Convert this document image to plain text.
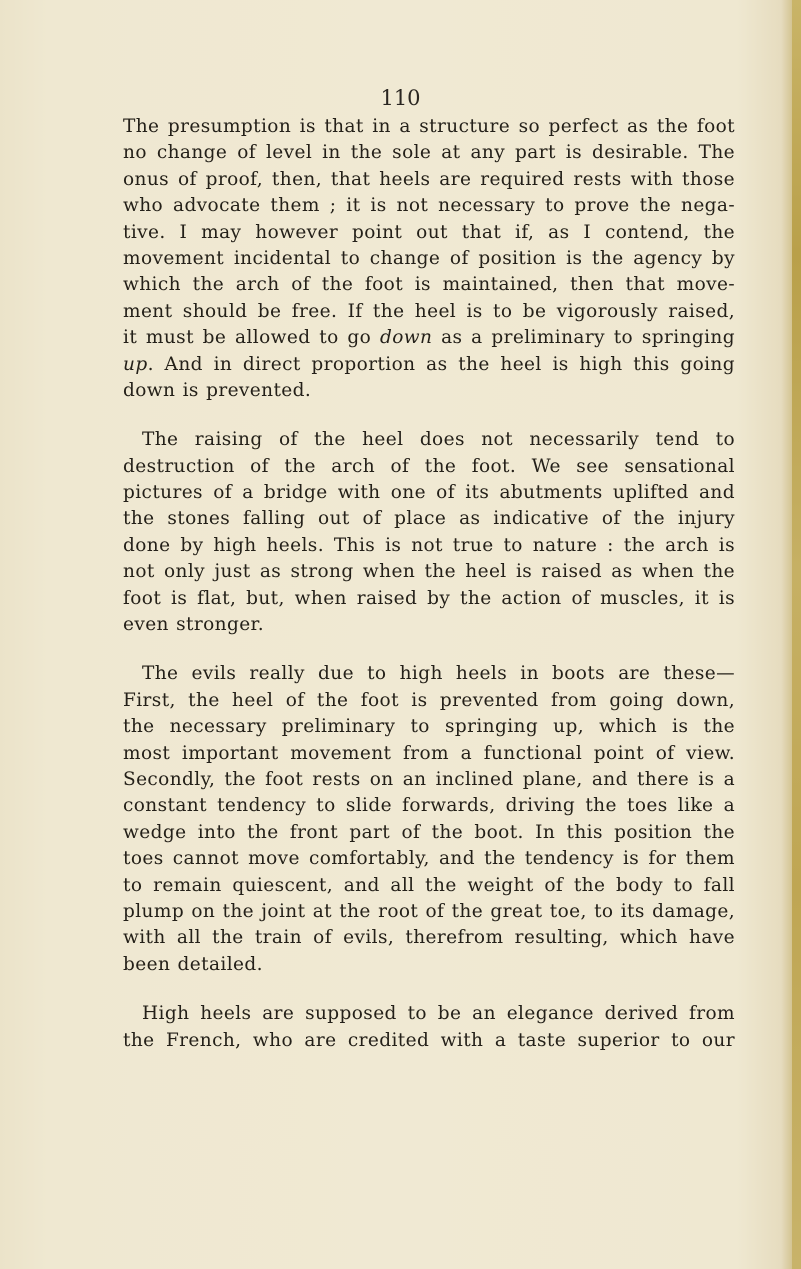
110
The presumption is that in a structure so perfect as the foot
no change of level in the sole at any part is desirable. The
onus of proof, then, that heels are required rests with those
who advocate them ; it is not necessary to prove the nega-
tive. I may however point out that if, as I contend, the
movement incidental to change of position is the agency by
which the arch of the foot is maintained, then that move-
ment should be free. If the heel is to be vigorously raised,
it must be allowed to go down as a preliminary to springing
up. And in direct proportion as the heel is high this going
down is prevented.
The raising of the heel does not necessarily tend to
destruction of the arch of the foot. We see sensational
pictures of a bridge with one of its abutments uplifted and
the stones falling out of place as indicative of the injury
done by high heels. This is not true to nature : the arch is
not only just as strong when the heel is raised as when the
foot is flat, but, when raised by the action of muscles, it is
even stronger.
The evils really due to high heels in boots are these—
First, the heel of the foot is prevented from going down,
the necessary preliminary to springing up, which is the
most important movement from a functional point of view.
Secondly, the foot rests on an inclined plane, and there is a
constant tendency to slide forwards, driving the toes like a
wedge into the front part of the boot. In this position the
toes cannot move comfortably, and the tendency is for them
to remain quiescent, and all the weight of the body to fall
plump on the joint at the root of the great toe, to its damage,
with all the train of evils, therefrom resulting, which have
been detailed.
High heels are supposed to be an elegance derived from
the French, who are credited with a taste superior to our
